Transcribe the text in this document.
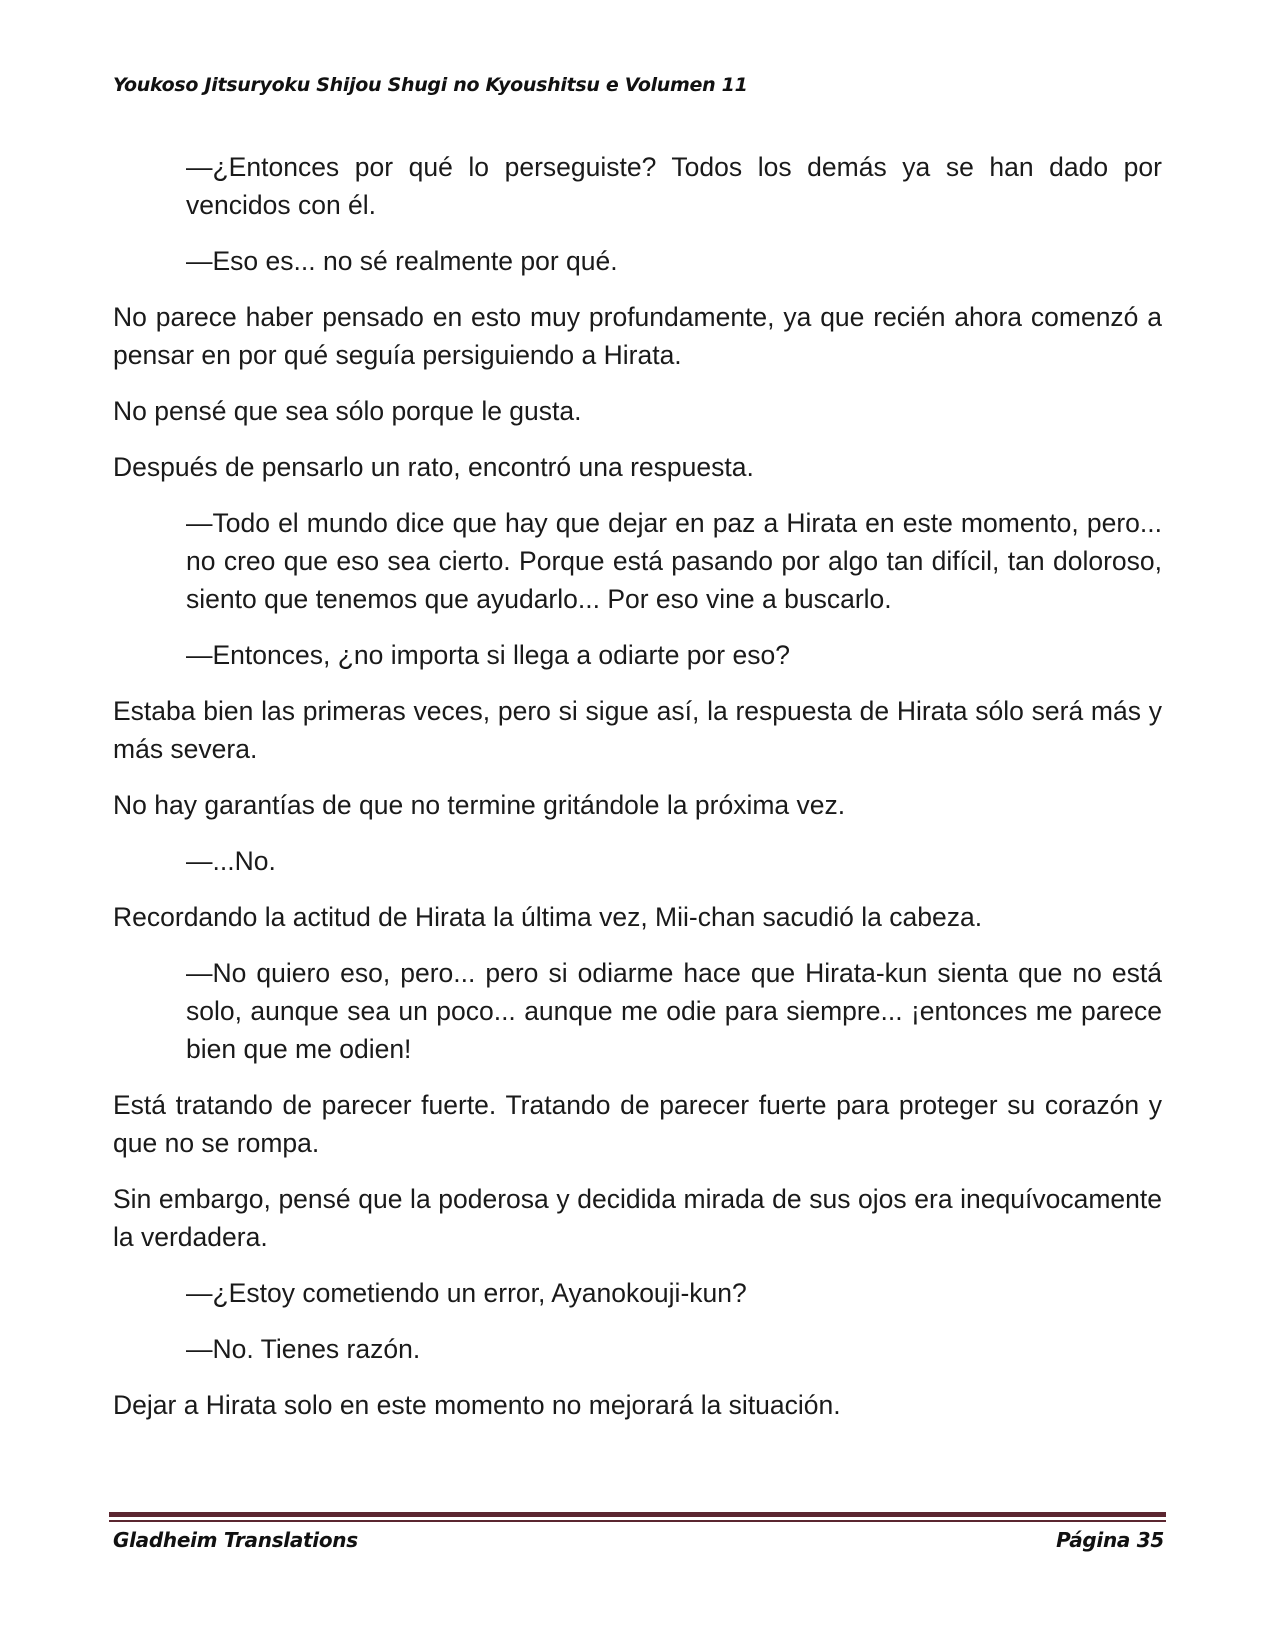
Youkoso Jitsuryoku Shijou Shugi no Kyoushitsu e Volumen 11

—¿Entonces por qué lo perseguiste? Todos los demás ya se han dado por vencidos con él.

—Eso es... no sé realmente por qué.

No parece haber pensado en esto muy profundamente, ya que recién ahora comenzó a pensar en por qué seguía persiguiendo a Hirata.

No pensé que sea sólo porque le gusta.

Después de pensarlo un rato, encontró una respuesta.

—Todo el mundo dice que hay que dejar en paz a Hirata en este momento, pero... no creo que eso sea cierto. Porque está pasando por algo tan difícil, tan doloroso, siento que tenemos que ayudarlo... Por eso vine a buscarlo.

—Entonces, ¿no importa si llega a odiarte por eso?

Estaba bien las primeras veces, pero si sigue así, la respuesta de Hirata sólo será más y más severa.

No hay garantías de que no termine gritándole la próxima vez.

—...No.

Recordando la actitud de Hirata la última vez, Mii-chan sacudió la cabeza.

—No quiero eso, pero... pero si odiarme hace que Hirata-kun sienta que no está solo, aunque sea un poco... aunque me odie para siempre... ¡entonces me parece bien que me odien!

Está tratando de parecer fuerte. Tratando de parecer fuerte para proteger su corazón y que no se rompa.

Sin embargo, pensé que la poderosa y decidida mirada de sus ojos era inequívocamente la verdadera.

—¿Estoy cometiendo un error, Ayanokouji-kun?

—No. Tienes razón.

Dejar a Hirata solo en este momento no mejorará la situación.

Gladheim Translations	Página 35
